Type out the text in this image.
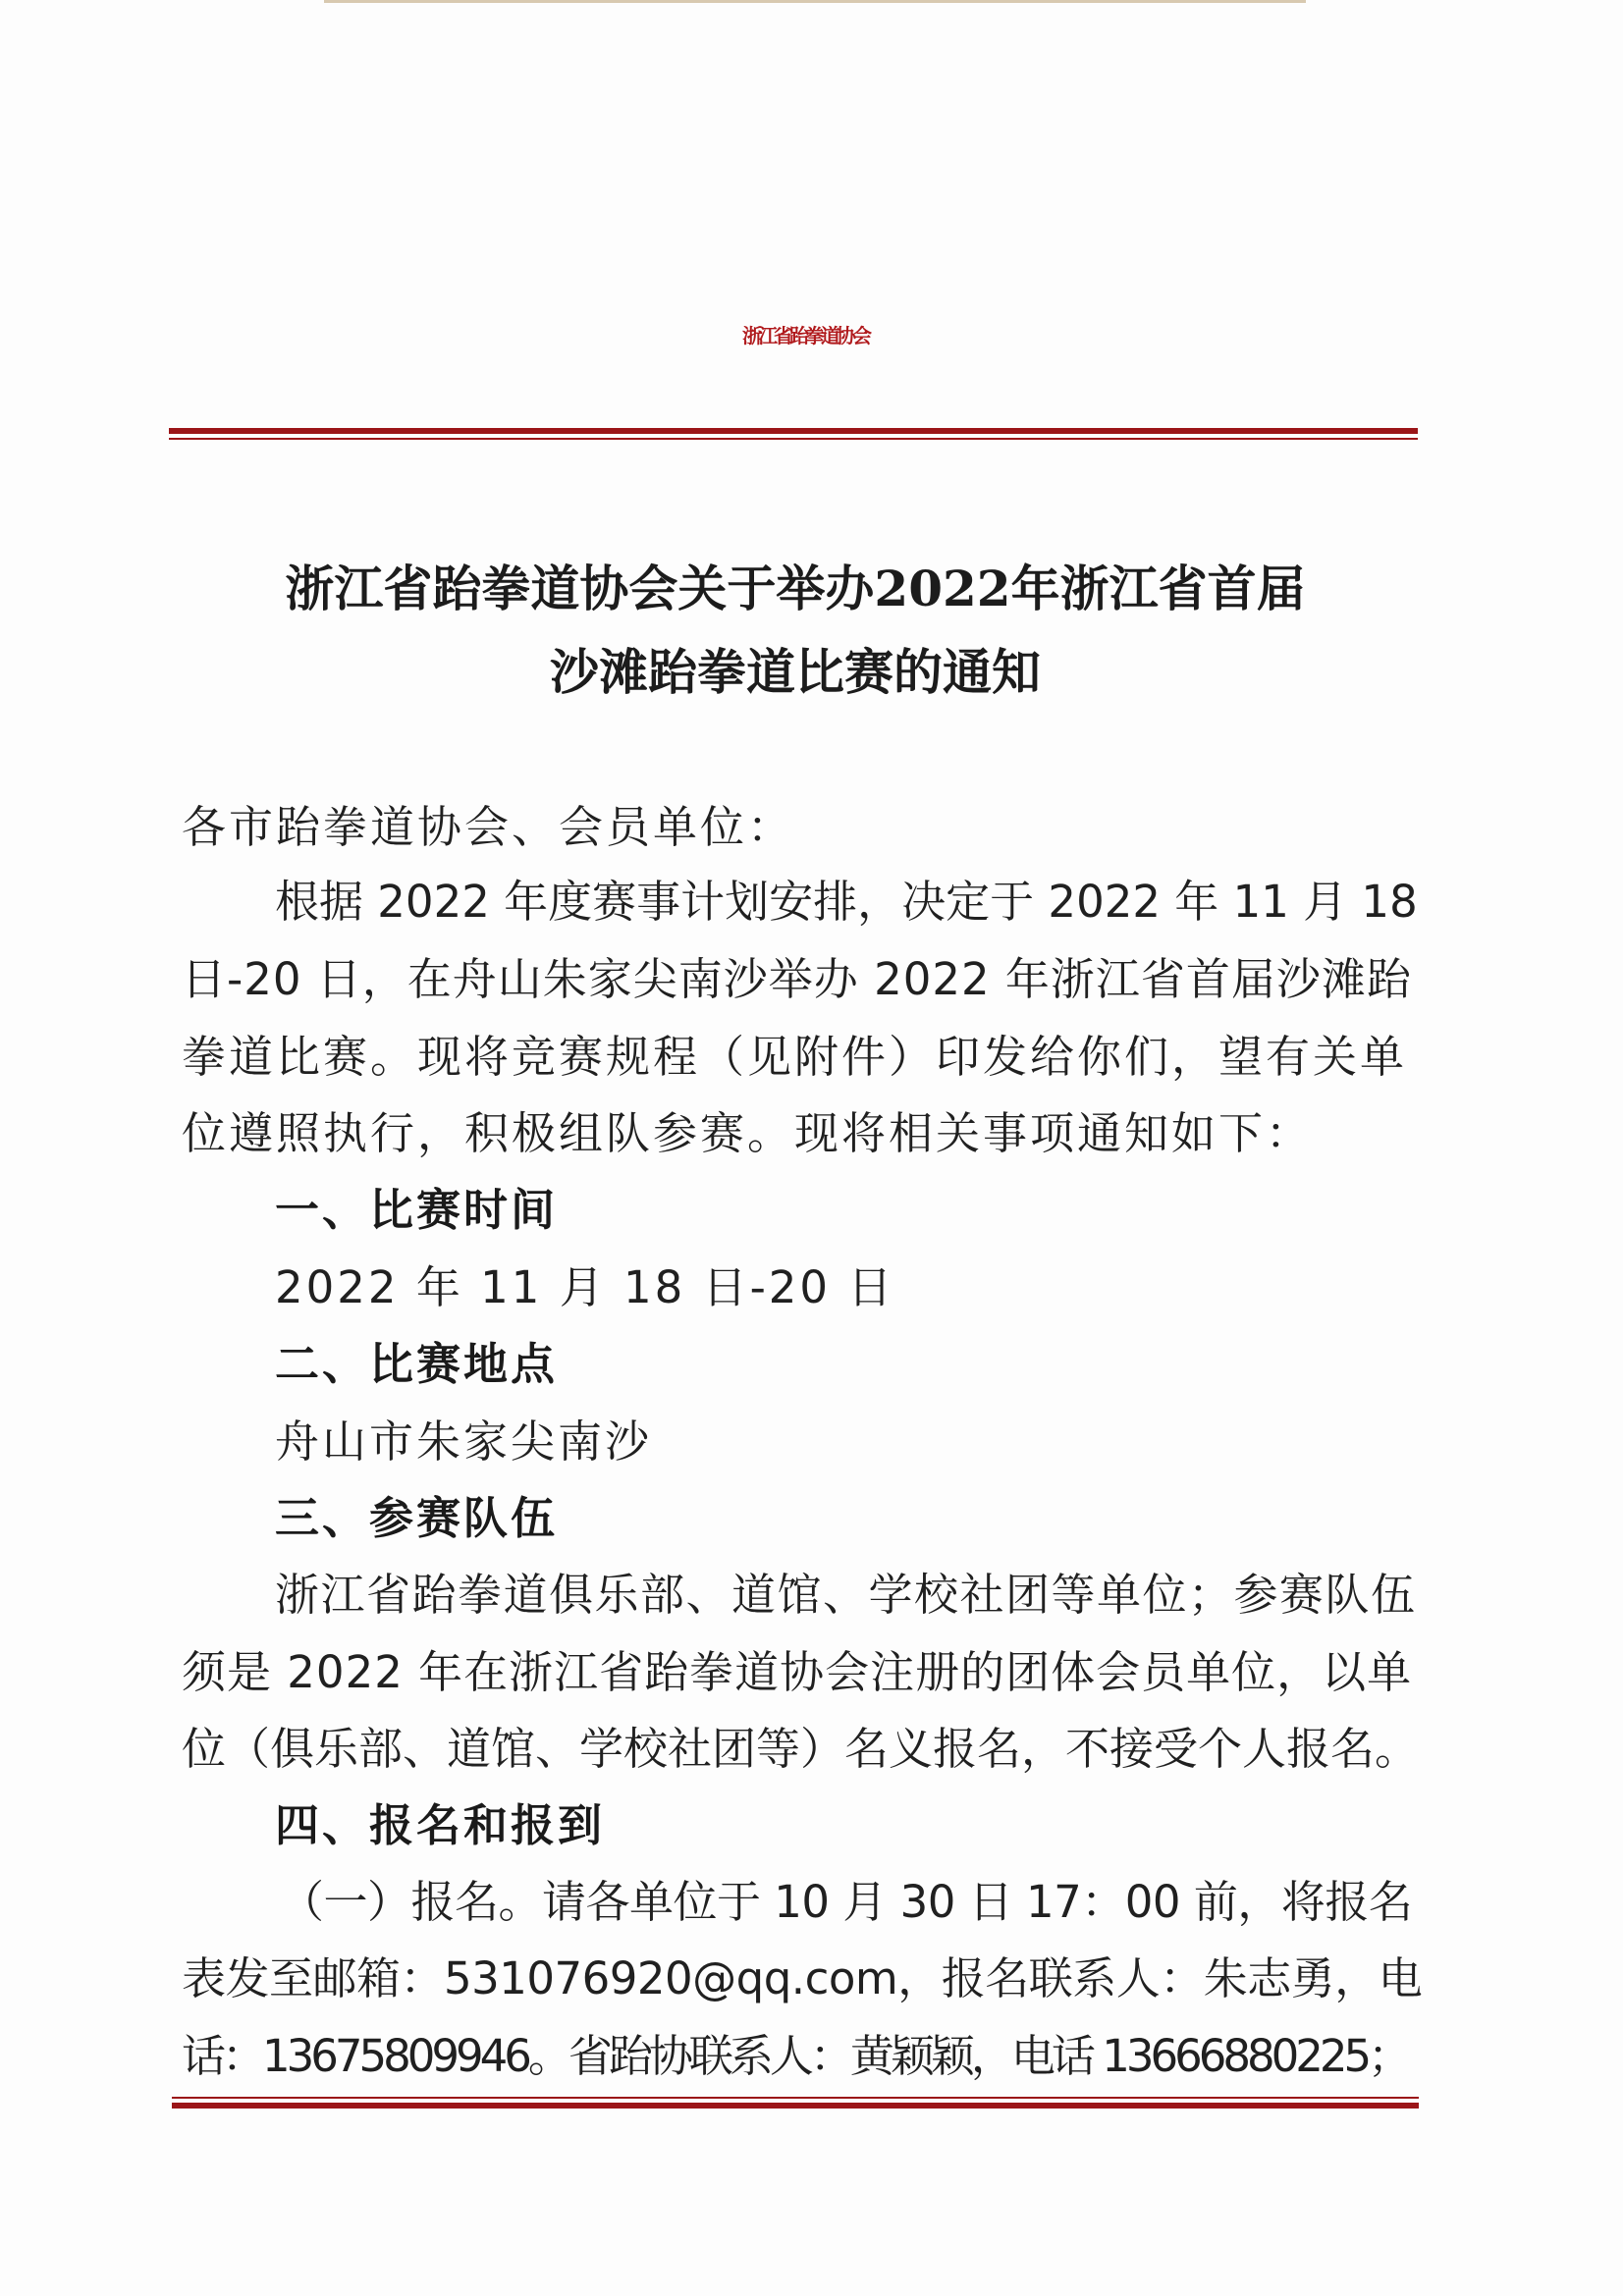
浙江省跆拳道协会
浙江省跆拳道协会关于举办2022年浙江省首届
沙滩跆拳道比赛的通知
各市跆拳道协会、会员单位：
根据 2022 年度赛事计划安排，决定于 2022 年 11 月 18
日-20 日，在舟山朱家尖南沙举办 2022 年浙江省首届沙滩跆
拳道比赛。现将竞赛规程（见附件）印发给你们，望有关单
位遵照执行，积极组队参赛。现将相关事项通知如下：
一、比赛时间
2022 年 11 月 18 日-20 日
二、比赛地点
舟山市朱家尖南沙
三、参赛队伍
浙江省跆拳道俱乐部、道馆、学校社团等单位；参赛队伍
须是 2022 年在浙江省跆拳道协会注册的团体会员单位，以单
位（俱乐部、道馆、学校社团等）名义报名，不接受个人报名。
四、报名和报到
（一）报名。请各单位于 10 月 30 日 17：00 前，将报名
表发至邮箱：531076920@qq.com，报名联系人：朱志勇，电
话：13675809946。省跆协联系人：黄颖颖，电话 13666880225；
